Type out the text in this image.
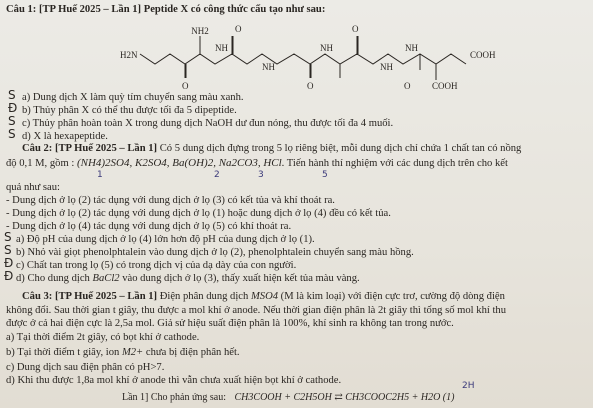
Câu 1: [TP Huế 2025 – Lần 1] Peptide X có công thức cấu tạo như sau:
NH2	O	O
H2N
NH
NH
NH
NH
NH
COOH
O	O	O COOH
a) Dung dịch X làm quỳ tím chuyển sang màu xanh.
b) Thủy phân X có thể thu được tối đa 5 dipeptide.
c) Thủy phân hoàn toàn X trong dung dịch NaOH dư đun nóng, thu được tối đa 4 muối.
d) X là hexapeptide.
S
Ð
S
S
Câu 2: [TP Huế 2025 – Lần 1] Có 5 dung dịch đựng trong 5 lọ riêng biệt, mỗi dung dịch chỉ chứa 1 chất tan có nồng
độ 0,1 M, gồm : (NH4)2SO4, K2SO4, Ba(OH)2, Na2CO3, HCl. Tiến hành thí nghiệm với các dung dịch trên cho kết
1	2	3	5
quả như sau:
- Dung dịch ở lọ (2) tác dụng với dung dịch ở lọ (3) có kết tủa và khí thoát ra.
- Dung dịch ở lọ (2) tác dụng với dung dịch ở lọ (1) hoặc dung dịch ở lọ (4) đều có kết tủa.
- Dung dịch ở lọ (4) tác dụng với dung dịch ở lọ (5) có khí thoát ra.
a) Độ pH của dung dịch ở lọ (4) lớn hơn độ pH của dung dịch ở lọ (1).
b) Nhỏ vài giọt phenolphtalein vào dung dịch ở lọ (2), phenolphtalein chuyển sang màu hồng.
c) Chất tan trong lọ (5) có trong dịch vị của dạ dày của con người.
d) Cho dung dịch BaCl2 vào dung dịch ở lọ (3), thấy xuất hiện kết tủa màu vàng.
S
S
Ð
Ð
Câu 3: [TP Huế 2025 – Lần 1] Điện phân dung dịch MSO4 (M là kim loại) với điện cực trơ, cường độ dòng điện
không đổi. Sau thời gian t giây, thu được a mol khí ở anode. Nếu thời gian điện phân là 2t giây thì tổng số mol khí thu
được ở cả hai điện cực là 2,5a mol. Giả sử hiệu suất điện phân là 100%, khí sinh ra không tan trong nước.
a) Tại thời điểm 2t giây, có bọt khí ở cathode.
b) Tại thời điểm t giây, ion M2+ chưa bị điện phân hết.
c) Dung dịch sau điện phân có pH>7.
d) Khi thu được 1,8a mol khí ở anode thì vẫn chưa xuất hiện bọt khí ở cathode.
Lần 1] Cho phản ứng sau: CH3COOH + C2H5OH ⇄ CH3COOC2H5 + H2O (1)
2H
